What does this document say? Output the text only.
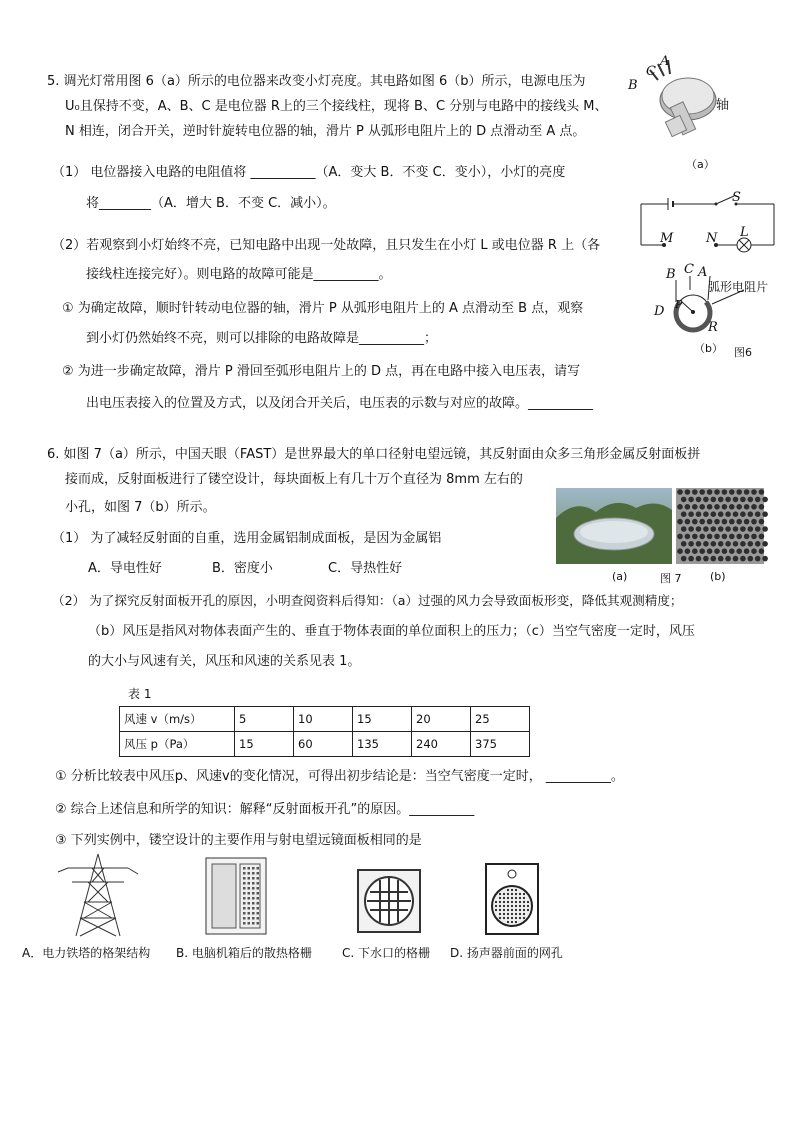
5. 调光灯常用图 6（a）所示的电位器来改变小灯亮度。其电路如图 6（b）所示，电源电压为
U₀且保持不变，A、B、C 是电位器 R上的三个接线柱，现将 B、C 分别与电路中的接线头 M、
N 相连，闭合开关，逆时针旋转电位器的轴，滑片 P 从弧形电阻片上的 D 点滑动至 A 点。
（1） 电位器接入电路的电阻值将 __________（A．变大 B．不变 C．变小），小灯的亮度
将________（A．增大 B．不变 C．减小）。
（2）若观察到小灯始终不亮，已知电路中出现一处故障，且只发生在小灯 L 或电位器 R 上（各
接线柱连接完好）。则电路的故障可能是__________。
① 为确定故障，顺时针转动电位器的轴，滑片 P 从弧形电阻片上的 A 点滑动至 B 点，观察
到小灯仍然始终不亮，则可以排除的电路故障是__________；
② 为进一步确定故障，滑片 P 滑回至弧形电阻片上的 D 点，再在电路中接入电压表，请写
出电压表接入的位置及方式，以及闭合开关后，电压表的示数与对应的故障。__________
A
C
B
轴
（a）
S
M	N L
B C A
弧形电阻片
D P
R
（b） 图6
6. 如图 7（a）所示，中国天眼（FAST）是世界最大的单口径射电望远镜，其反射面由众多三角形金属反射面板拼
接而成，反射面板进行了镂空设计，每块面板上有几十万个直径为 8mm 左右的
小孔，如图 7（b）所示。
（1） 为了减轻反射面的自重，选用金属铝制成面板，是因为金属铝
A．导电性好	B．密度小	C．导热性好
(a)	图 7	(b)
（2） 为了探究反射面板开孔的原因，小明查阅资料后得知：（a）过强的风力会导致面板形变，降低其观测精度；
（b）风压是指风对物体表面产生的、垂直于物体表面的单位面积上的压力；（c）当空气密度一定时，风压
的大小与风速有关，风压和风速的关系见表 1。
表 1
风速 v（m/s）	5	10	15	20	25
风压 p（Pa）	15	60	135	240	375
① 分析比较表中风压p、风速v的变化情况，可得出初步结论是：当空气密度一定时， __________。
② 综合上述信息和所学的知识：解释“反射面板开孔”的原因。__________
③ 下列实例中，镂空设计的主要作用与射电望远镜面板相同的是
A．电力铁塔的格架结构 B. 电脑机箱后的散热格栅	C. 下水口的格栅 D. 扬声器前面的网孔
